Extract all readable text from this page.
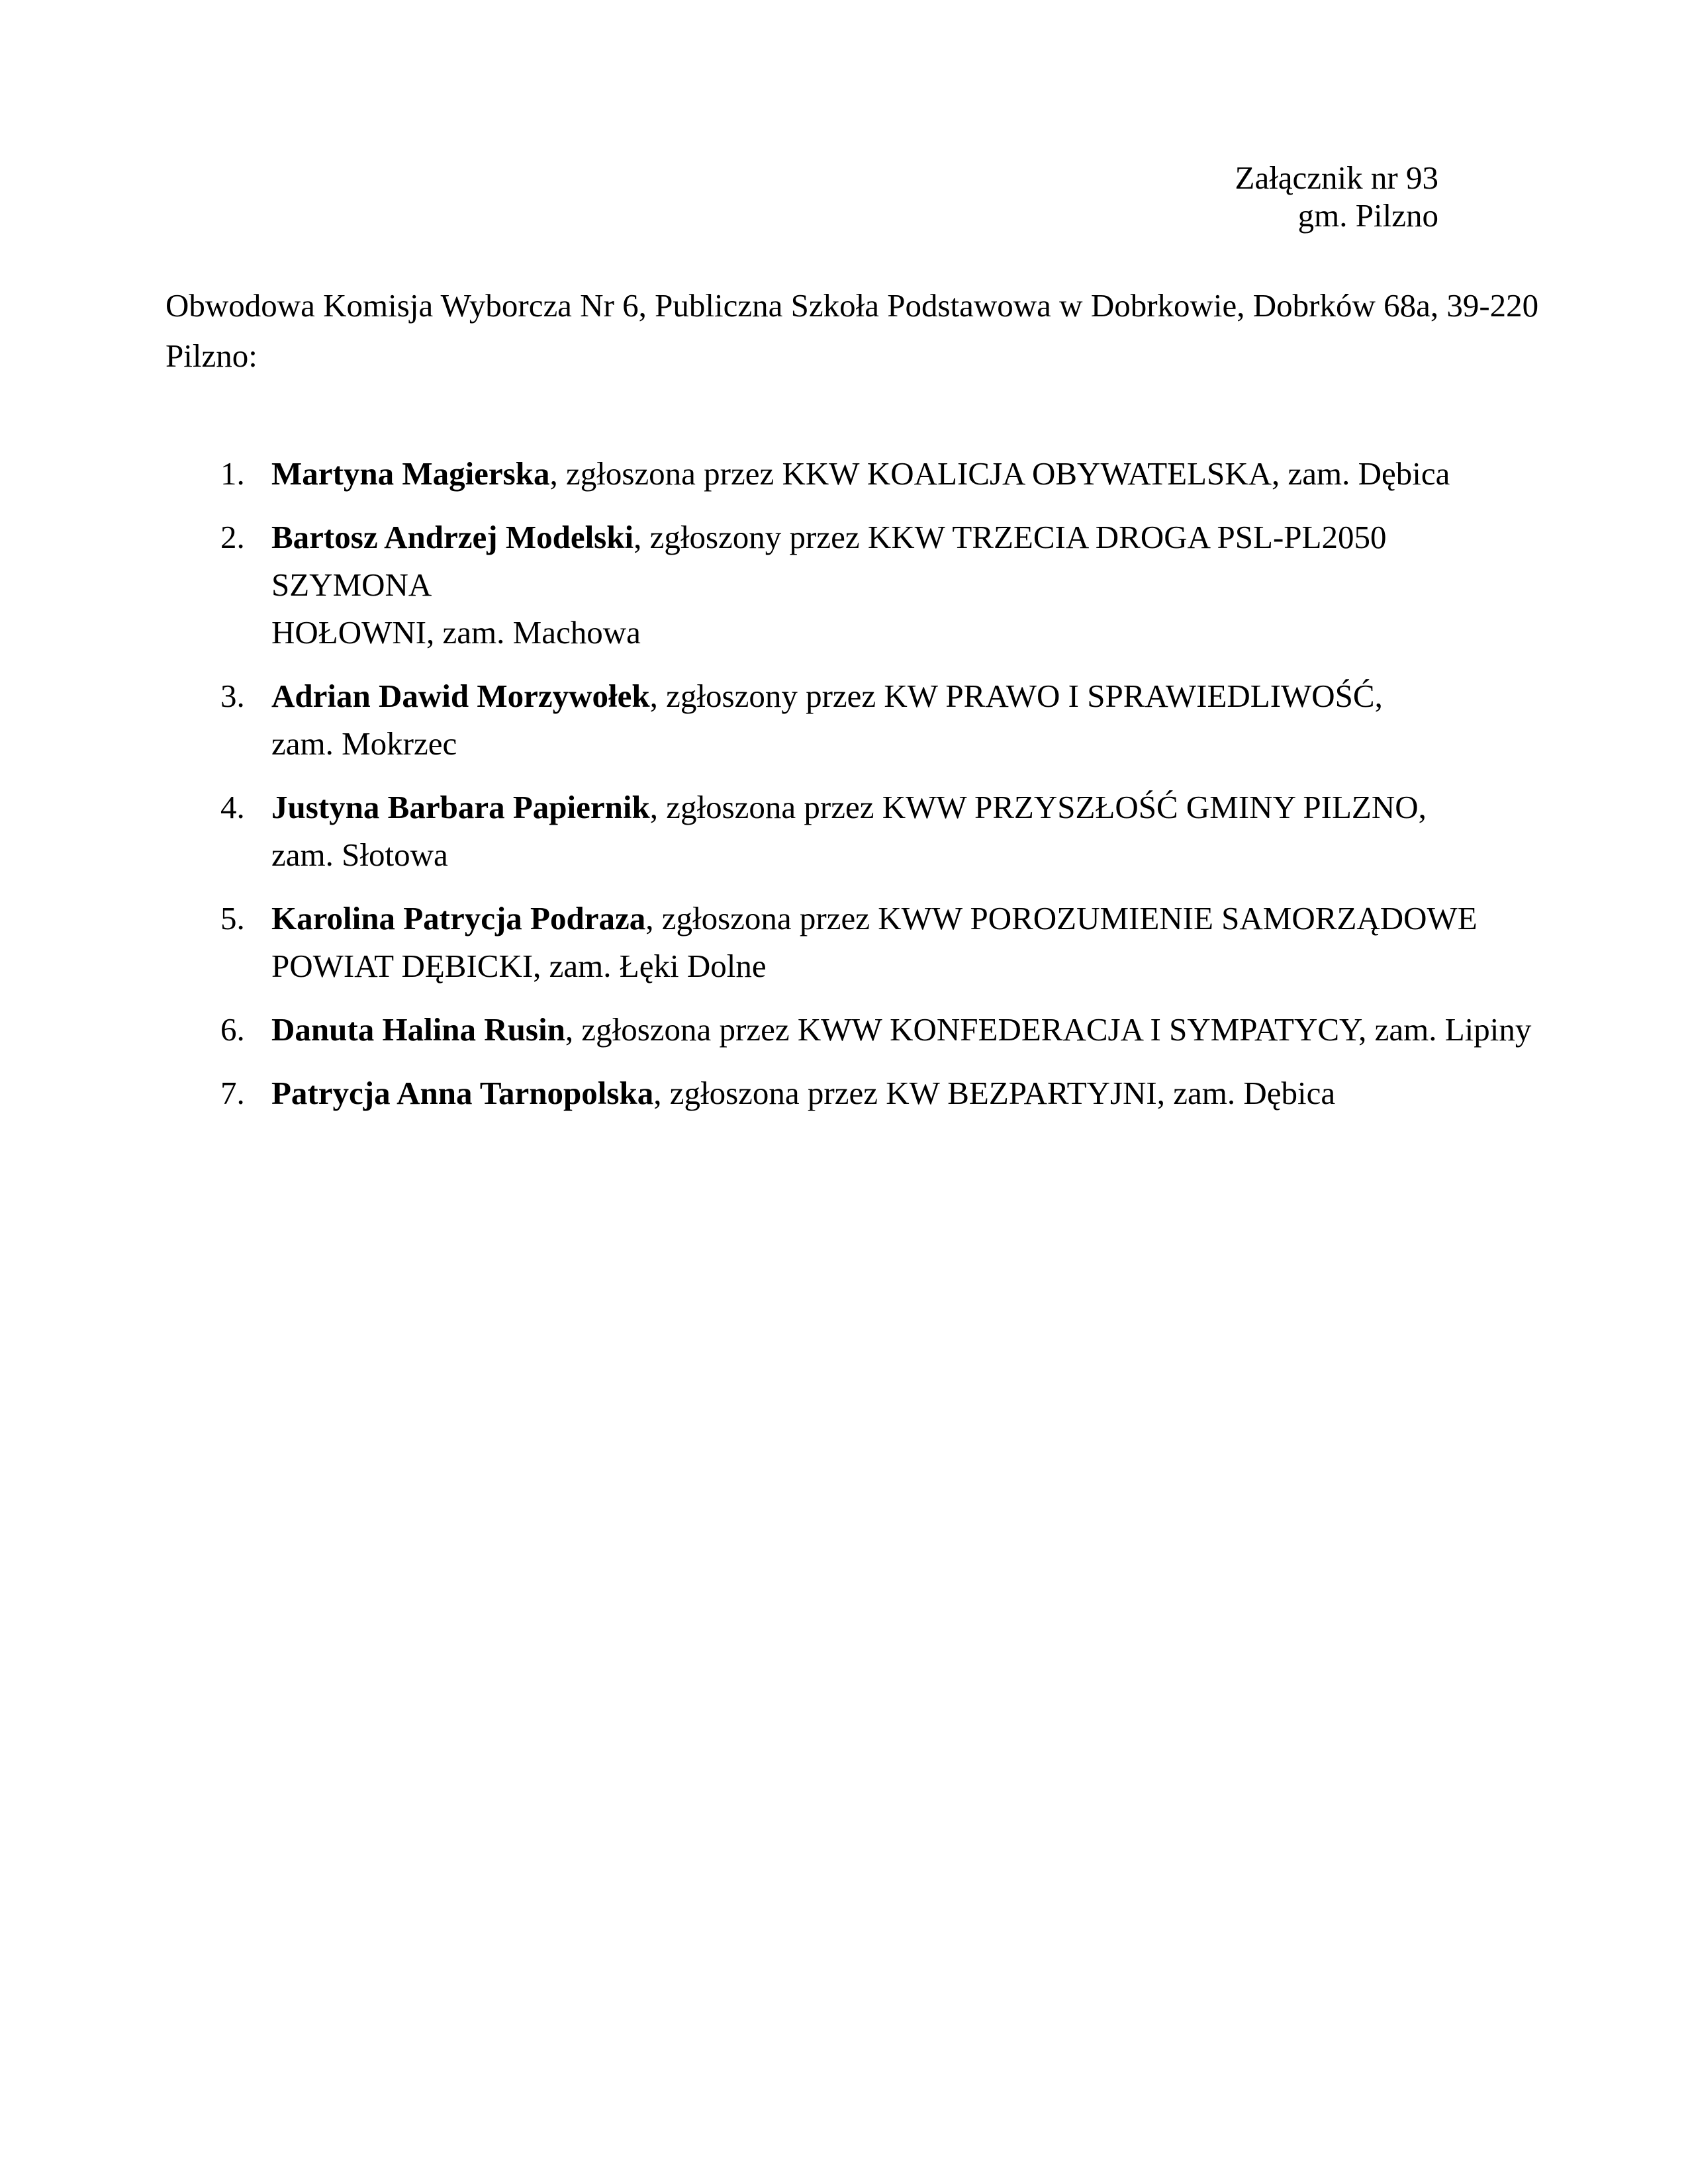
Załącznik nr 93
gm. Pilzno
Obwodowa Komisja Wyborcza Nr 6, Publiczna Szkoła Podstawowa w Dobrkowie, Dobrków 68a, 39-220
Pilzno:
1. Martyna Magierska, zgłoszona przez KKW KOALICJA OBYWATELSKA, zam. Dębica
2. Bartosz Andrzej Modelski, zgłoszony przez KKW TRZECIA DROGA PSL-PL2050 SZYMONA
HOŁOWNI, zam. Machowa
3. Adrian Dawid Morzywołek, zgłoszony przez KW PRAWO I SPRAWIEDLIWOŚĆ,
zam. Mokrzec
4. Justyna Barbara Papiernik, zgłoszona przez KWW PRZYSZŁOŚĆ GMINY PILZNO,
zam. Słotowa
5. Karolina Patrycja Podraza, zgłoszona przez KWW POROZUMIENIE SAMORZĄDOWE
POWIAT DĘBICKI, zam. Łęki Dolne
6. Danuta Halina Rusin, zgłoszona przez KWW KONFEDERACJA I SYMPATYCY, zam. Lipiny
7. Patrycja Anna Tarnopolska, zgłoszona przez KW BEZPARTYJNI, zam. Dębica
